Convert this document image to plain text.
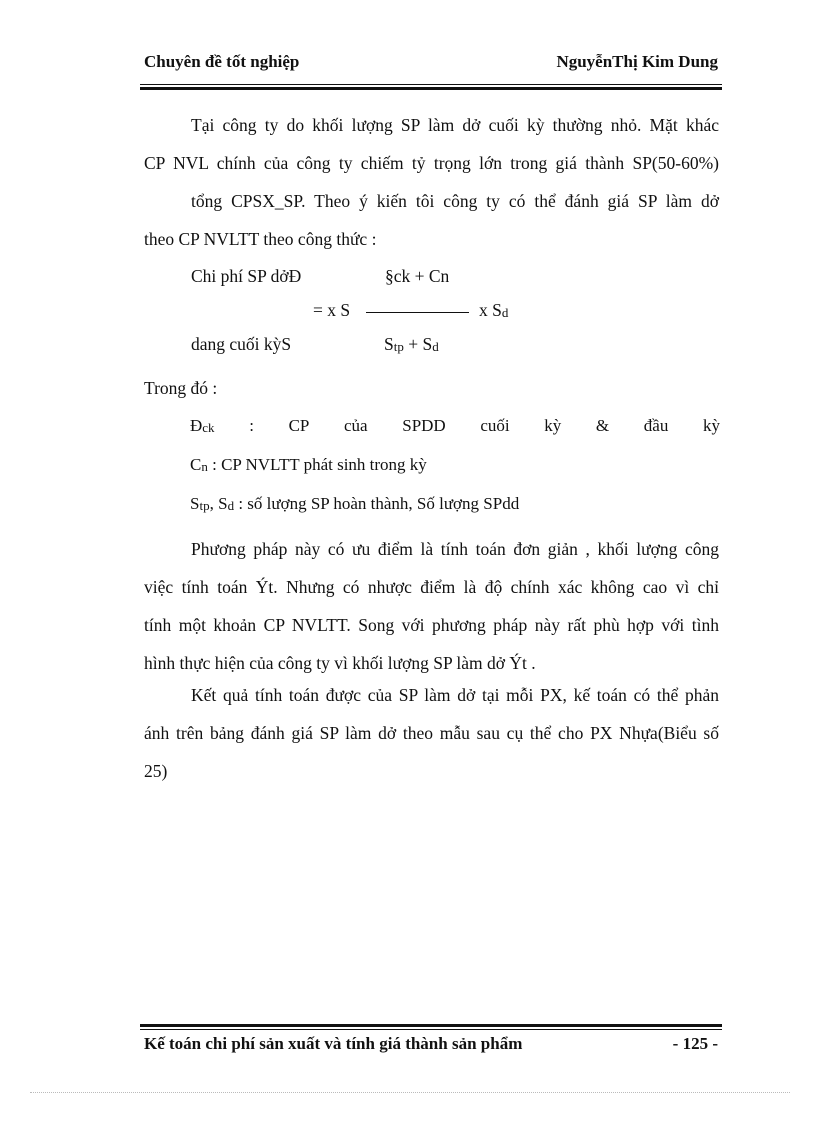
Chuyên đề tốt nghiệp	NguyễnThị Kim Dung

Tại công ty do khối lượng SP làm dở cuối kỳ thường nhỏ. Mặt khác

CP NVL chính của công ty chiếm tỷ trọng lớn trong giá thành SP(50-60%)

tổng CPSX_SP. Theo ý kiến tôi công ty có thể đánh giá SP làm dở

theo CP NVLTT theo công thức :

Chi phí SP dởĐ
dang cuối kỳS
§ck + Cn
= x S	x Sd
Stp + Sd

Trong đó :

Đck : CP của SPDD cuối kỳ & đầu kỳ
Cn : CP NVLTT phát sinh trong kỳ
Stp, Sd : số lượng SP hoàn thành, Số lượng SPdd

Phương pháp này có ưu điểm là tính toán đơn giản , khối lượng công

việc tính toán Ýt. Nhưng có nhược điểm là độ chính xác không cao vì chỉ

tính một khoản CP NVLTT. Song với phương pháp này rất phù hợp với tình

hình thực hiện của công ty vì khối lượng SP làm dở Ýt .

Kết quả tính toán được của SP làm dở tại mỗi PX, kế toán có thể phản

ánh trên bảng đánh giá SP làm dở theo mẫu sau cụ thể cho PX Nhựa(Biểu số

25)

Kế toán chi phí sản xuất và tính giá thành sản phẩm	- 125 -
